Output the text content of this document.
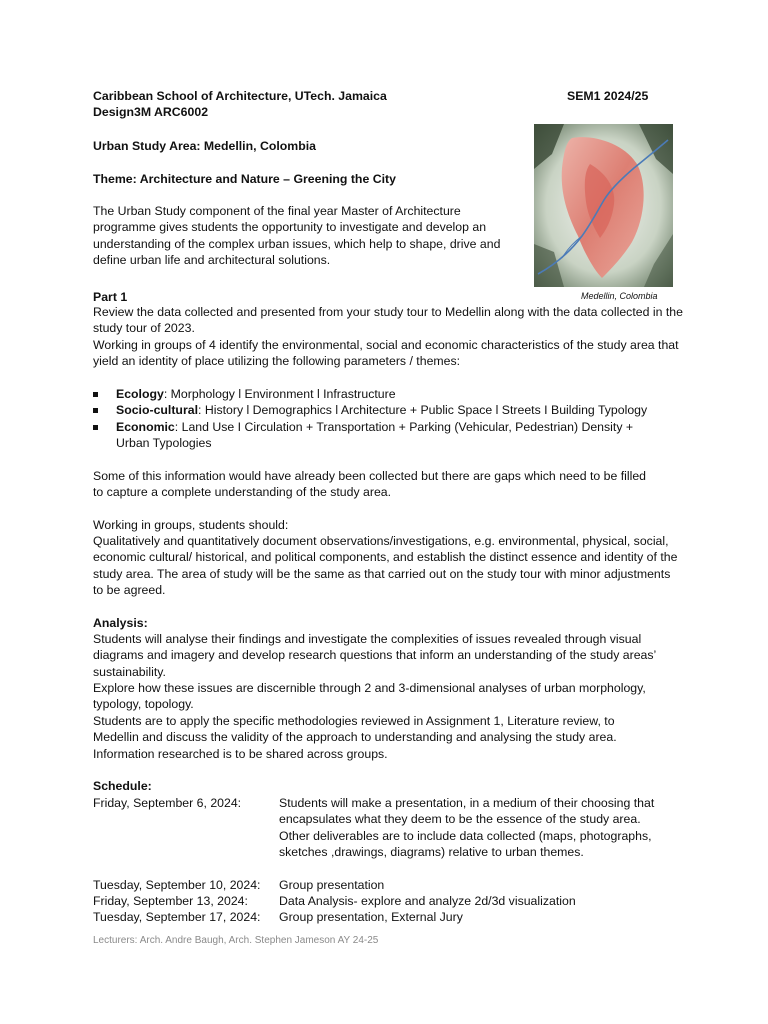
Caribbean School of Architecture, UTech. Jamaica	SEM1 2024/25
Design3M ARC6002
Urban Study Area: Medellin, Colombia
Theme: Architecture and Nature – Greening the City

The Urban Study component of the final year Master of Architecture programme gives students the opportunity to investigate and develop an understanding of the complex urban issues, which help to shape, drive and define urban life and architectural solutions.

Medellin, Colombia
Part 1

Review the data collected and presented from your study tour to Medellin along with the data collected in the study tour of 2023.

Working in groups of 4 identify the environmental, social and economic characteristics of the study area that yield an identity of place utilizing the following parameters / themes:

Ecology: Morphology l Environment l Infrastructure
Socio-cultural: History l Demographics l Architecture + Public Space l Streets I Building Typology
Economic: Land Use I Circulation + Transportation + Parking (Vehicular, Pedestrian) Density + Urban Typologies

Some of this information would have already been collected but there are gaps which need to be filled to capture a complete understanding of the study area.

Working in groups, students should:

Qualitatively and quantitatively document observations/investigations, e.g. environmental, physical, social, economic cultural/ historical, and political components, and establish the distinct essence and identity of the study area. The area of study will be the same as that carried out on the study tour with minor adjustments to be agreed.

Analysis:

Students will analyse their findings and investigate the complexities of issues revealed through visual diagrams and imagery and develop research questions that inform an understanding of the study areas’ sustainability.

Explore how these issues are discernible through 2 and 3-dimensional analyses of urban morphology, typology, topology.

Students are to apply the specific methodologies reviewed in Assignment 1, Literature review, to Medellin and discuss the validity of the approach to understanding and analysing the study area. Information researched is to be shared across groups.

Schedule:
Friday, September 6, 2024:	Students will make a presentation, in a medium of their choosing that encapsulates what they deem to be the essence of the study area. Other deliverables are to include data collected (maps, photographs, sketches ,drawings, diagrams) relative to urban themes.
Tuesday, September 10, 2024:	Group presentation
Friday, September 13, 2024:	Data Analysis- explore and analyze 2d/3d visualization
Tuesday, September 17, 2024:	Group presentation, External Jury
Lecturers: Arch. Andre Baugh, Arch. Stephen Jameson AY 24-25
